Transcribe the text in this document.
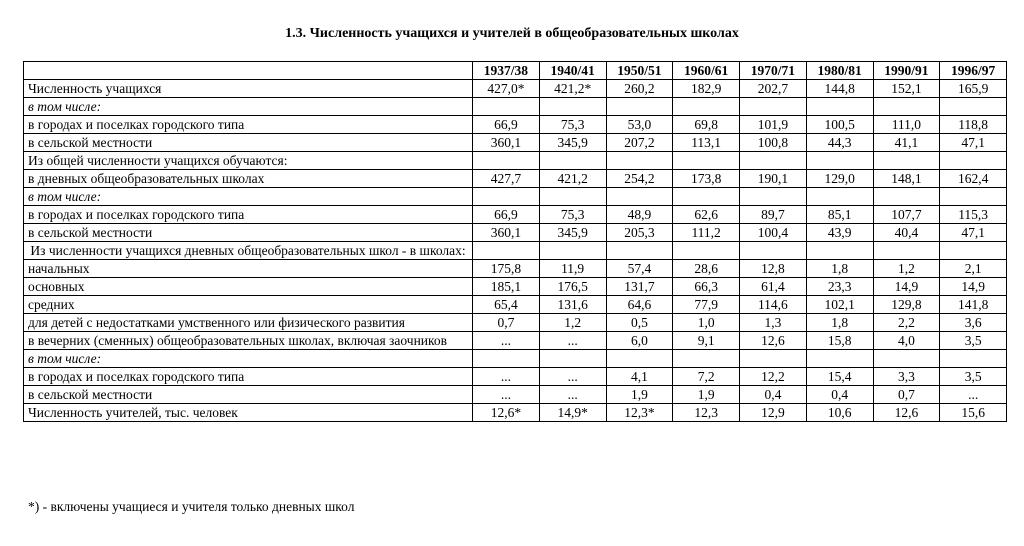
1.3. Численность учащихся и учителей в общеобразовательных школах
	1937/38	1940/41	1950/51	1960/61	1970/71	1980/81	1990/91	1996/97
Численность учащихся	427,0*	421,2*	260,2	182,9	202,7	144,8	152,1	165,9
в том числе:								
в городах и поселках городского типа	66,9	75,3	53,0	69,8	101,9	100,5	111,0	118,8
в сельской местности	360,1	345,9	207,2	113,1	100,8	44,3	41,1	47,1
Из общей численности учащихся обучаются:								
в дневных общеобразовательных школах	427,7	421,2	254,2	173,8	190,1	129,0	148,1	162,4
в том числе:								
в городах и поселках городского типа	66,9	75,3	48,9	62,6	89,7	85,1	107,7	115,3
в сельской местности	360,1	345,9	205,3	111,2	100,4	43,9	40,4	47,1
Из численности учащихся дневных общеобразовательных школ - в школах:								
начальных	175,8	11,9	57,4	28,6	12,8	1,8	1,2	2,1
основных	185,1	176,5	131,7	66,3	61,4	23,3	14,9	14,9
средних	65,4	131,6	64,6	77,9	114,6	102,1	129,8	141,8
для детей с недостатками умственного или физического развития	0,7	1,2	0,5	1,0	1,3	1,8	2,2	3,6
в вечерних (сменных) общеобразовательных школах, включая заочников	...	...	6,0	9,1	12,6	15,8	4,0	3,5
в том числе:								
в городах и поселках городского типа	...	...	4,1	7,2	12,2	15,4	3,3	3,5
в сельской местности	...	...	1,9	1,9	0,4	0,4	0,7	...
Численность учителей, тыс. человек	12,6*	14,9*	12,3*	12,3	12,9	10,6	12,6	15,6
*) - включены учащиеся и учителя только дневных школ
